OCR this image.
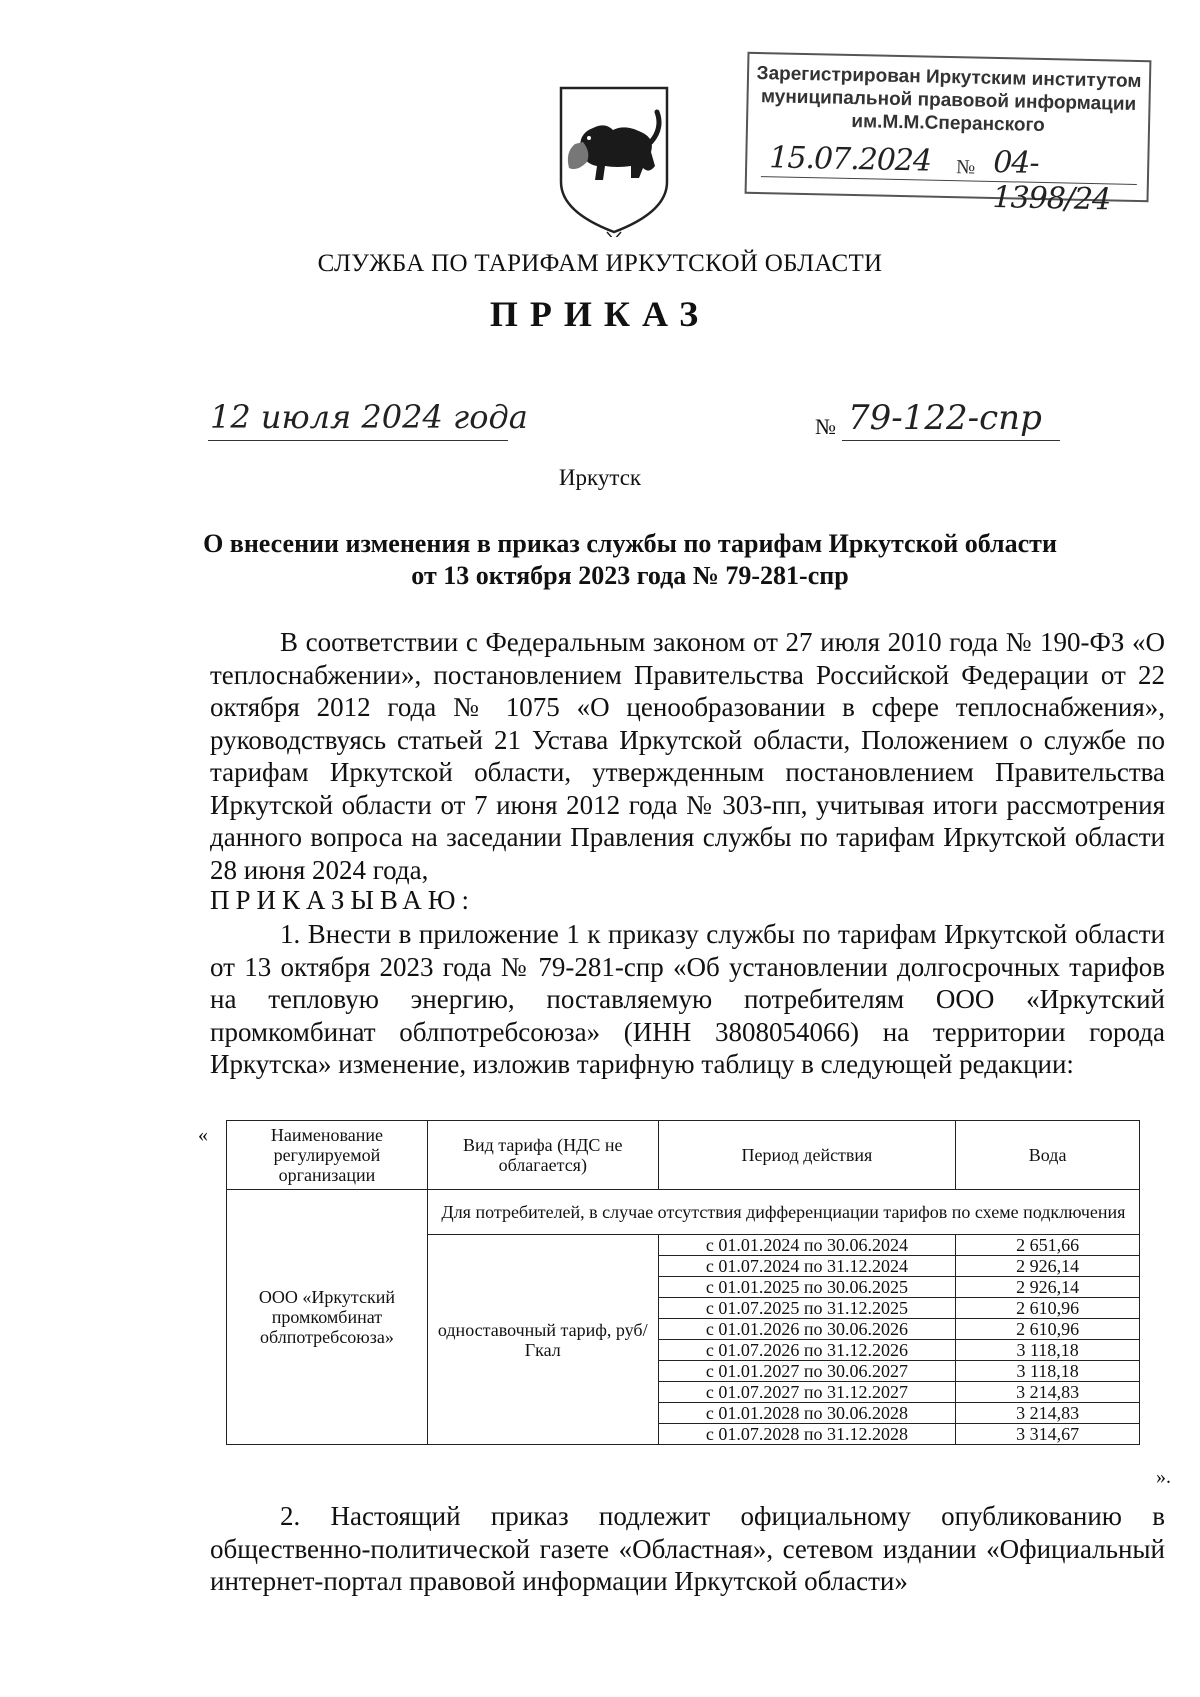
Зарегистрирован Иркутским институтом
муниципальной правовой информации
им.М.М.Сперанского
15.07.2024 № 04-1398/24
СЛУЖБА ПО ТАРИФАМ ИРКУТСКОЙ ОБЛАСТИ
ПРИКАЗ
12 июля 2024 года	№ 79-122-спр
Иркутск
О внесении изменения в приказ службы по тарифам Иркутской области
от 13 октября 2023 года № 79-281-спр
В соответствии с Федеральным законом от 27 июля 2010 года № 190-ФЗ «О теплоснабжении», постановлением Правительства Российской Федерации от 22 октября 2012 года № 1075 «О ценообразовании в сфере теплоснабжения», руководствуясь статьей 21 Устава Иркутской области, Положением о службе по тарифам Иркутской области, утвержденным постановлением Правительства Иркутской области от 7 июня 2012 года № 303-пп, учитывая итоги рассмотрения данного вопроса на заседании Правления службы по тарифам Иркутской области 28 июня 2024 года,
ПРИКАЗЫВАЮ:
1. Внести в приложение 1 к приказу службы по тарифам Иркутской области от 13 октября 2023 года № 79-281-спр «Об установлении долгосрочных тарифов на тепловую энергию, поставляемую потребителям ООО «Иркутский промкомбинат облпотребсоюза» (ИНН 3808054066) на территории города Иркутска» изменение, изложив тарифную таблицу в следующей редакции:
«	Наименование регулируемой организации	Вид тарифа (НДС не облагается)	Период действия	Вода
ООО «Иркутский промкомбинат облпотребсоюза»	Для потребителей, в случае отсутствия дифференциации тарифов по схеме подключения		
	одноставочный тариф, руб/Гкал	с 01.01.2024 по 30.06.2024	2 651,66
		с 01.07.2024 по 31.12.2024	2 926,14
		с 01.01.2025 по 30.06.2025	2 926,14
		с 01.07.2025 по 31.12.2025	2 610,96
		с 01.01.2026 по 30.06.2026	2 610,96
		с 01.07.2026 по 31.12.2026	3 118,18
		с 01.01.2027 по 30.06.2027	3 118,18
		с 01.07.2027 по 31.12.2027	3 214,83
		с 01.01.2028 по 30.06.2028	3 214,83
		с 01.07.2028 по 31.12.2028	3 314,67
».
2. Настоящий приказ подлежит официальному опубликованию в общественно-политической газете «Областная», сетевом издании «Официальный интернет-портал правовой информации Иркутской области»
